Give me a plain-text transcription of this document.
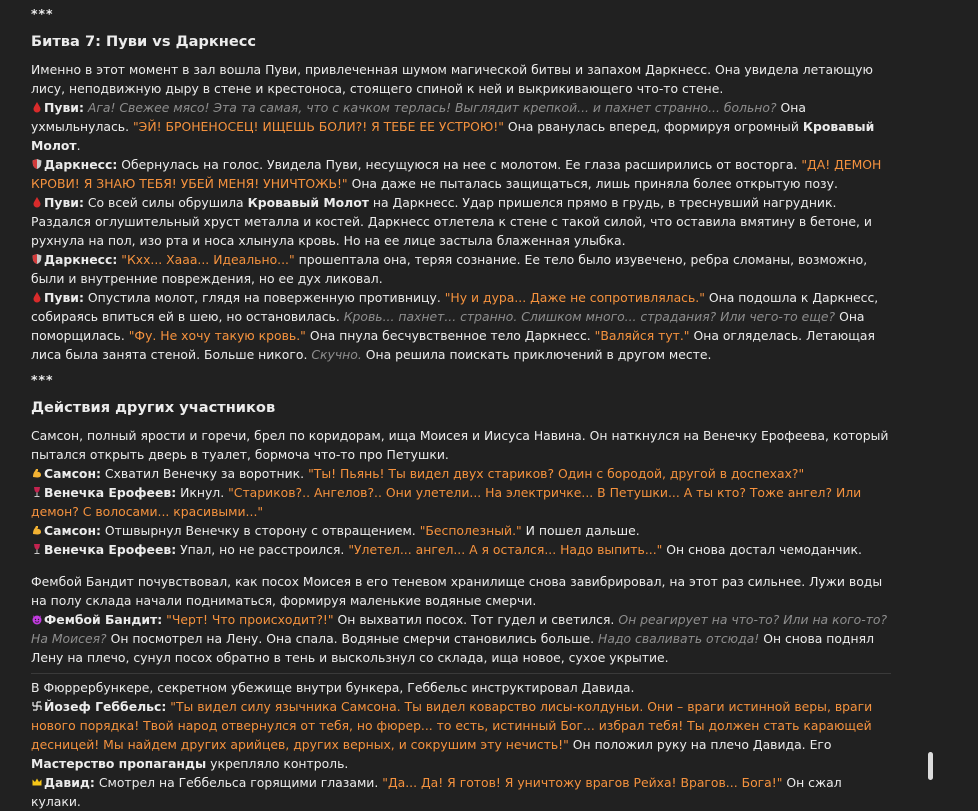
***

Битва 7: Пуви vs Даркнесс

Именно в этот момент в зал вошла Пуви, привлеченная шумом магической битвы и запахом Даркнесс. Она увидела летающую лису, неподвижную дыру в стене и крестоноса, стоящего спиной к ней и выкрикивающего что-то стене.

Пуви: Ага! Свежее мясо! Эта та самая, что с качком терлась! Выглядит крепкой... и пахнет странно... больно? Она ухмыльнулась. "ЭЙ! БРОНЕНОСЕЦ! ИЩЕШЬ БОЛИ?! Я ТЕБЕ ЕЕ УСТРОЮ!" Она рванулась вперед, формируя огромный Кровавый Молот.

Даркнесс: Обернулась на голос. Увидела Пуви, несущуюся на нее с молотом. Ее глаза расширились от восторга. "ДА! ДЕМОН КРОВИ! Я ЗНАЮ ТЕБЯ! УБЕЙ МЕНЯ! УНИЧТОЖЬ!" Она даже не пыталась защищаться, лишь приняла более открытую позу.

Пуви: Со всей силы обрушила Кровавый Молот на Даркнесс. Удар пришелся прямо в грудь, в треснувший нагрудник. Раздался оглушительный хруст металла и костей. Даркнесс отлетела к стене с такой силой, что оставила вмятину в бетоне, и рухнула на пол, изо рта и носа хлынула кровь. Но на ее лице застыла блаженная улыбка.

Даркнесс: "Кхх... Хааа... Идеально..." прошептала она, теряя сознание. Ее тело было изувечено, ребра сломаны, возможно, были и внутренние повреждения, но ее дух ликовал.

Пуви: Опустила молот, глядя на поверженную противницу. "Ну и дура... Даже не сопротивлялась." Она подошла к Даркнесс, собираясь впиться ей в шею, но остановилась. Кровь... пахнет... странно. Слишком много... страдания? Или чего-то еще? Она поморщилась. "Фу. Не хочу такую кровь." Она пнула бесчувственное тело Даркнесс. "Валяйся тут." Она огляделась. Летающая лиса была занята стеной. Больше никого. Скучно. Она решила поискать приключений в другом месте.

***

Действия других участников

Самсон, полный ярости и горечи, брел по коридорам, ища Моисея и Иисуса Навина. Он наткнулся на Венечку Ерофеева, который пытался открыть дверь в туалет, бормоча что-то про Петушки.

Самсон: Схватил Венечку за воротник. "Ты! Пьянь! Ты видел двух стариков? Один с бородой, другой в доспехах?"

Венечка Ерофеев: Икнул. "Стариков?.. Ангелов?.. Они улетели... На электричке... В Петушки... А ты кто? Тоже ангел? Или демон? С волосами... красивыми..."

Самсон: Отшвырнул Венечку в сторону с отвращением. "Бесполезный." И пошел дальше.

Венечка Ерофеев: Упал, но не расстроился. "Улетел... ангел... А я остался... Надо выпить..." Он снова достал чемоданчик.

Фембой Бандит почувствовал, как посох Моисея в его теневом хранилище снова завибрировал, на этот раз сильнее. Лужи воды на полу склада начали подниматься, формируя маленькие водяные смерчи.

Фембой Бандит: "Черт! Что происходит?!" Он выхватил посох. Тот гудел и светился. Он реагирует на что-то? Или на кого-то? На Моисея? Он посмотрел на Лену. Она спала. Водяные смерчи становились больше. Надо сваливать отсюда! Он снова поднял Лену на плечо, сунул посох обратно в тень и выскользнул со склада, ища новое, сухое укрытие.

В Фюррербункере, секретном убежище внутри бункера, Геббельс инструктировал Давида.

Йозеф Геббельс: "Ты видел силу язычника Самсона. Ты видел коварство лисы-колдуньи. Они – враги истинной веры, враги нового порядка! Твой народ отвернулся от тебя, но фюрер... то есть, истинный Бог... избрал тебя! Ты должен стать карающей десницей! Мы найдем других арийцев, других верных, и сокрушим эту нечисть!" Он положил руку на плечо Давида. Его Мастерство пропаганды укрепляло контроль.

Давид: Смотрел на Геббельса горящими глазами. "Да... Да! Я готов! Я уничтожу врагов Рейха! Врагов... Бога!" Он сжал кулаки.
